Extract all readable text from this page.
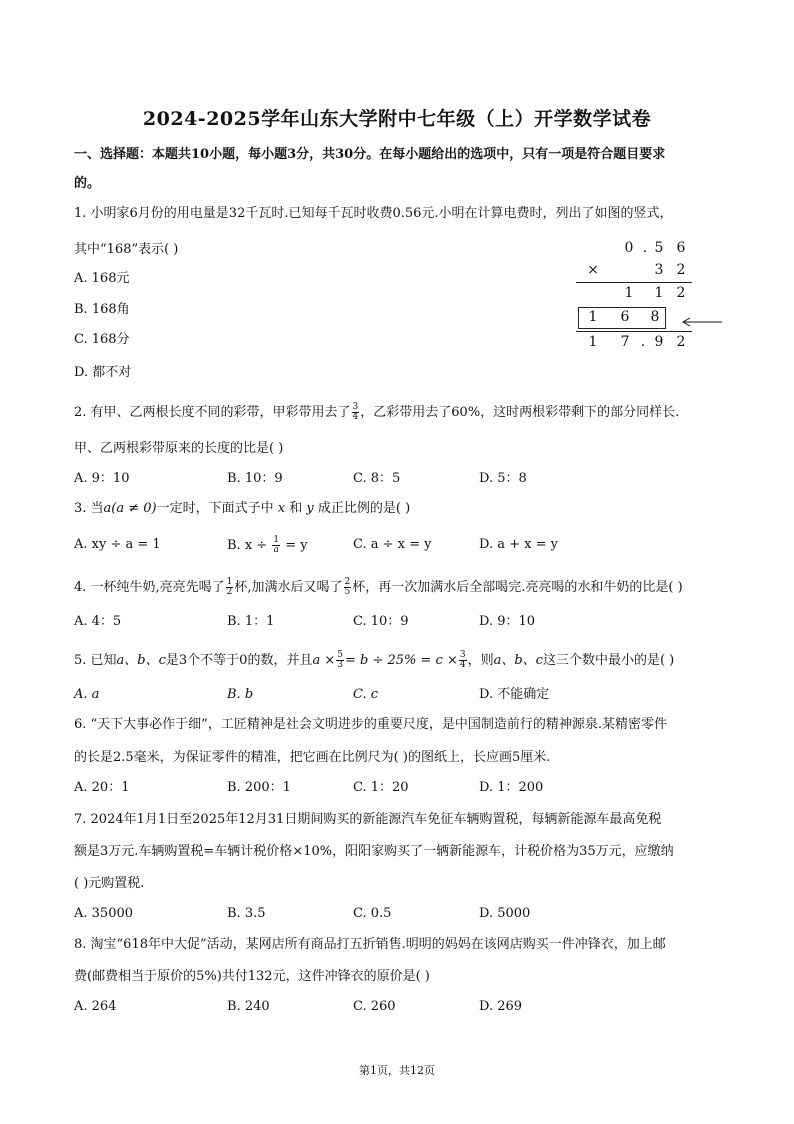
2024-2025学年山东大学附中七年级（上）开学数学试卷
一、选择题：本题共10小题，每小题3分，共30分。在每小题给出的选项中，只有一项是符合题目要求
的。
1. 小明家6月份的用电量是32千瓦时.已知每千瓦时收费0.56元.小明在计算电费时，列出了如图的竖式，
其中“168”表示( )
A. 168元
B. 168角
C. 168分
D. 都不对
0 . 5 6
×	3 2
1 1 2
1 6 8
1 7 . 9 2
2. 有甲、乙两根长度不同的彩带，甲彩带用去了 $\frac{3}{4}$ ，乙彩带用去了60%，这时两根彩带剩下的部分同样长.
甲、乙两根彩带原来的长度的比是( )
A. 9：10	B. 10：9	C. 8：5	D. 5：8
3. 当a(a ≠ 0)一定时，下面式子中 x 和 y 成正比例的是( )
A. xy ÷ a = 1	B. $x \div \frac{1}{a} = y$	C. a ÷ x = y	D. a + x = y
4. 一杯纯牛奶,亮亮先喝了 $\frac{1}{2}$ 杯,加满水后又喝了 $\frac{2}{5}$ 杯，再一次加满水后全部喝完.亮亮喝的水和牛奶的比是( )
A. 4：5	B. 1：1	C. 10：9	D. 9：10
5. 已知a、b、c是3个不等于0的数，并且$a \times \frac{5}{3} = b \div 25\% = c \times \frac{3}{4}$ ，则a、b、c这三个数中最小的是( )
A. a	B. b	C. c	D. 不能确定
6. “天下大事必作于细”，工匠精神是社会文明进步的重要尺度，是中国制造前行的精神源泉.某精密零件
的长是2.5毫米，为保证零件的精准，把它画在比例尺为( )的图纸上，长应画5厘米.
A. 20：1	B. 200：1	C. 1：20	D. 1：200
7. 2024年1月1日至2025年12月31日期间购买的新能源汽车免征车辆购置税，每辆新能源车最高免税
额是3万元.车辆购置税=车辆计税价格×10%，阳阳家购买了一辆新能源车，计税价格为35万元，应缴纳
( )元购置税.
A. 35000	B. 3.5	C. 0.5	D. 5000
8. 淘宝“618年中大促”活动，某网店所有商品打五折销售.明明的妈妈在该网店购买一件冲锋衣，加上邮
费(邮费相当于原价的5%)共付132元，这件冲锋衣的原价是( )
A. 264	B. 240	C. 260	D. 269
第1页，共12页
